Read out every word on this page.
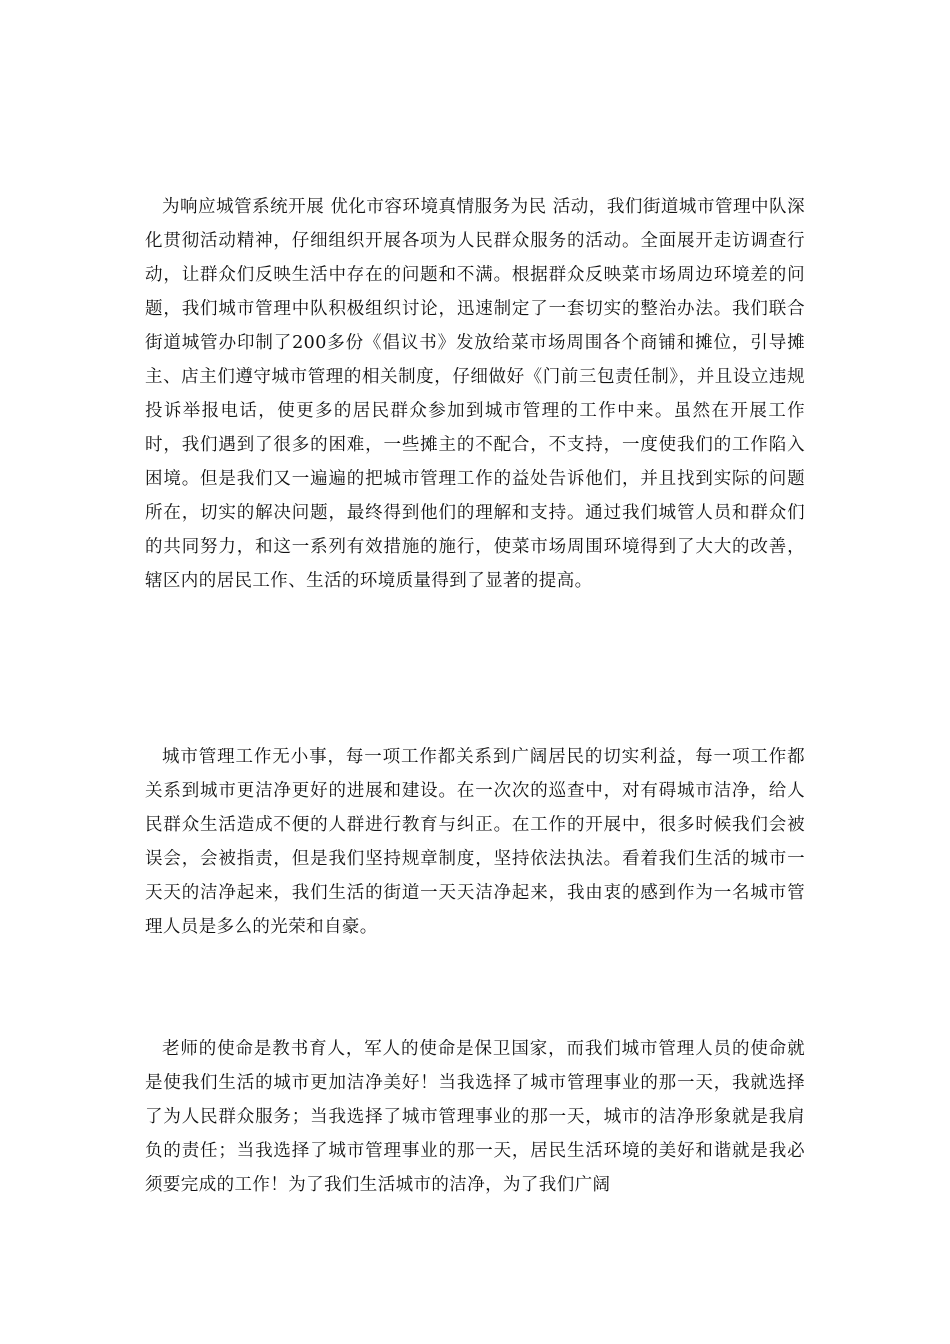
为响应城管系统开展 优化市容环境真情服务为民 活动，我们街道城市管理中队深化贯彻活动精神，仔细组织开展各项为人民群众服务的活动。全面展开走访调查行动，让群众们反映生活中存在的问题和不满。根据群众反映菜市场周边环境差的问题，我们城市管理中队积极组织讨论，迅速制定了一套切实的整治办法。我们联合街道城管办印制了200多份《倡议书》发放给菜市场周围各个商铺和摊位，引导摊主、店主们遵守城市管理的相关制度，仔细做好《门前三包责任制》，并且设立违规投诉举报电话，使更多的居民群众参加到城市管理的工作中来。虽然在开展工作时，我们遇到了很多的困难，一些摊主的不配合，不支持，一度使我们的工作陷入困境。但是我们又一遍遍的把城市管理工作的益处告诉他们，并且找到实际的问题所在，切实的解决问题，最终得到他们的理解和支持。通过我们城管人员和群众们的共同努力，和这一系列有效措施的施行，使菜市场周围环境得到了大大的改善，辖区内的居民工作、生活的环境质量得到了显著的提高。

城市管理工作无小事，每一项工作都关系到广阔居民的切实利益，每一项工作都关系到城市更洁净更好的进展和建设。在一次次的巡查中，对有碍城市洁净，给人民群众生活造成不便的人群进行教育与纠正。在工作的开展中，很多时候我们会被误会，会被指责，但是我们坚持规章制度，坚持依法执法。看着我们生活的城市一天天的洁净起来，我们生活的街道一天天洁净起来，我由衷的感到作为一名城市管理人员是多么的光荣和自豪。

老师的使命是教书育人，军人的使命是保卫国家，而我们城市管理人员的使命就是使我们生活的城市更加洁净美好！当我选择了城市管理事业的那一天，我就选择了为人民群众服务；当我选择了城市管理事业的那一天，城市的洁净形象就是我肩负的责任；当我选择了城市管理事业的那一天，居民生活环境的美好和谐就是我必须要完成的工作！为了我们生活城市的洁净，为了我们广阔
